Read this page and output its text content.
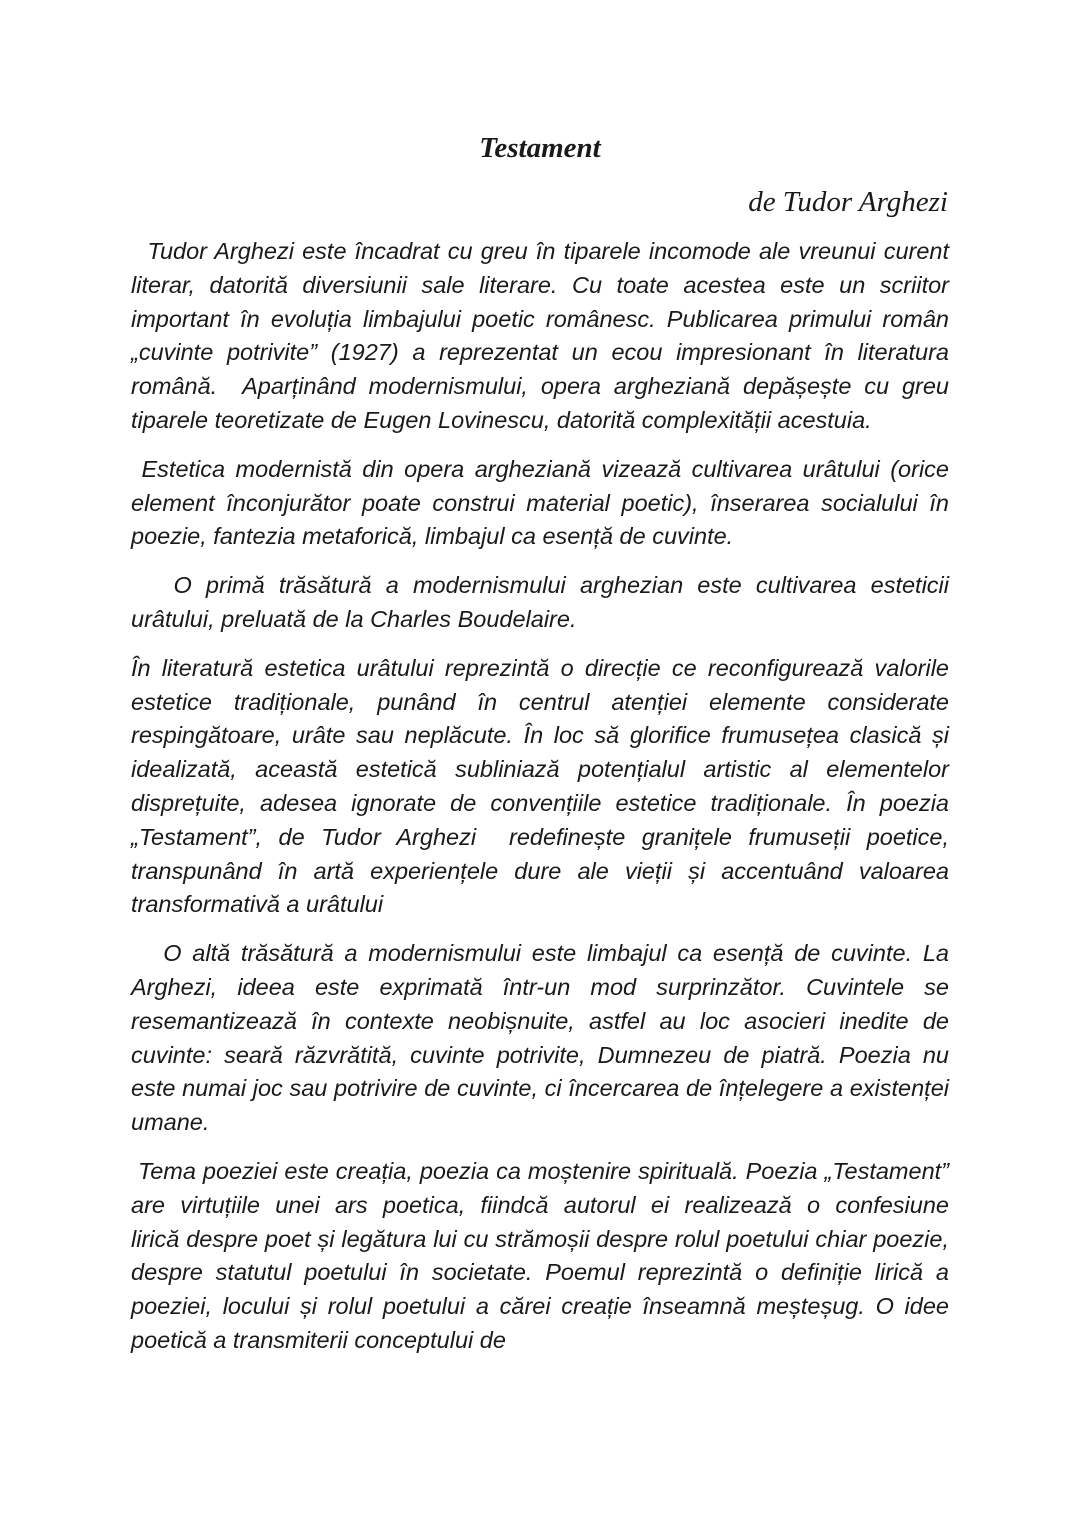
Testament
de Tudor Arghezi

Tudor Arghezi este încadrat cu greu în tiparele incomode ale vreunui curent literar, datorită diversiunii sale literare. Cu toate acestea este un scriitor important în evoluția limbajului poetic românesc. Publicarea primului român „cuvinte potrivite” (1927) a reprezentat un ecou impresionant în literatura română.  Aparținând modernismului, opera argheziană depășește cu greu tiparele teoretizate de Eugen Lovinescu, datorită complexității acestuia.

Estetica modernistă din opera argheziană vizează cultivarea urâtului (orice element înconjurător poate construi material poetic), înserarea socialului în poezie, fantezia metaforică, limbajul ca esență de cuvinte.

O primă trăsătură a modernismului arghezian este cultivarea esteticii urâtului, preluată de la Charles Boudelaire.

În literatură estetica urâtului reprezintă o direcție ce reconfigurează valorile estetice tradiționale, punând în centrul atenției elemente considerate respingătoare, urâte sau neplăcute. În loc să glorifice frumusețea clasică și idealizată, această estetică subliniază potențialul artistic al elementelor disprețuite, adesea ignorate de convențiile estetice tradiționale. În poezia „Testament”, de Tudor Arghezi  redefinește granițele frumuseții poetice, transpunând în artă experiențele dure ale vieții și accentuând valoarea transformativă a urâtului

O altă trăsătură a modernismului este limbajul ca esență de cuvinte. La Arghezi, ideea este exprimată într-un mod surprinzător. Cuvintele se resemantizează în contexte neobișnuite, astfel au loc asocieri inedite de cuvinte: seară răzvrătită, cuvinte potrivite, Dumnezeu de piatră. Poezia nu este numai joc sau potrivire de cuvinte, ci încercarea de înțelegere a existenței umane.

Tema poeziei este creația, poezia ca moștenire spirituală. Poezia „Testament” are virtuțiile unei ars poetica, fiindcă autorul ei realizează o confesiune          lirică despre poet și legătura lui cu strămoșii despre rolul poetului chiar poezie, despre statutul poetului în societate. Poemul reprezintă o definiție lirică a poeziei, locului și rolul poetului a cărei creație înseamnă meșteșug. O idee poetică a transmiterii conceptului de
